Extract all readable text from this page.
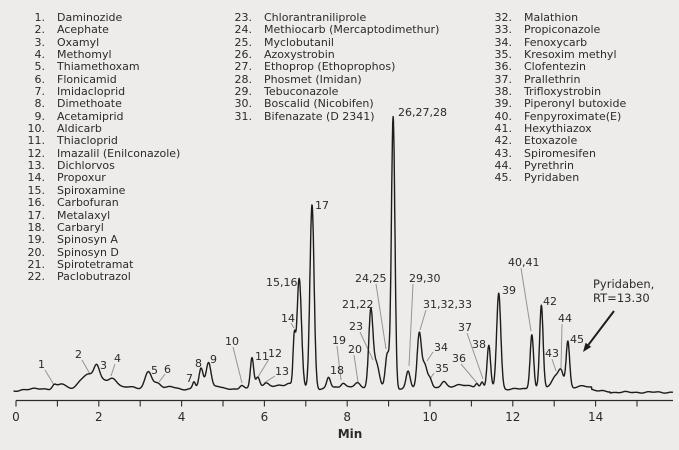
1. Daminozide
2. Acephate
3. Oxamyl
4. Methomyl
5. Thiamethoxam
6. Flonicamid
7. Imidacloprid
8. Dimethoate
9. Acetamiprid
10. Aldicarb
11. Thiacloprid
12. Imazalil (Enilconazole)
13. Dichlorvos
14. Propoxur
15. Spiroxamine
16. Carbofuran
17. Metalaxyl
18. Carbaryl
19. Spinosyn A
20. Spinosyn D
21. Spirotetramat
22. Paclobutrazol
23. Chlorantraniliprole
24. Methiocarb (Mercaptodimethur)
25. Myclobutanil
26. Azoxystrobin
27. Ethoprop (Ethoprophos)
28. Phosmet (Imidan)
29. Tebuconazole
30. Boscalid (Nicobifen)
31. Bifenazate (D 2341)
32. Malathion
33. Propiconazole
34. Fenoxycarb
35. Kresoxim methyl
36. Clofentezin
37. Prallethrin
38. Trifloxystrobin
39. Piperonyl butoxide
40. Fenpyroximate(E)
41. Hexythiazox
42. Etoxazole
43. Spiromesifen
44. Pyrethrin
45. Pyridaben
0	2	4	6	8	10	12	14
Min
1
2
3
4
5 6
7
8 9
10
11 12
13
14
15,16
17
18
19
20
21,22
23
24,25
26,27,28
29,30
31,32,33
34
35
36
37
38
39
40,41
42
43
44
45
Pyridaben,
RT=13.30
